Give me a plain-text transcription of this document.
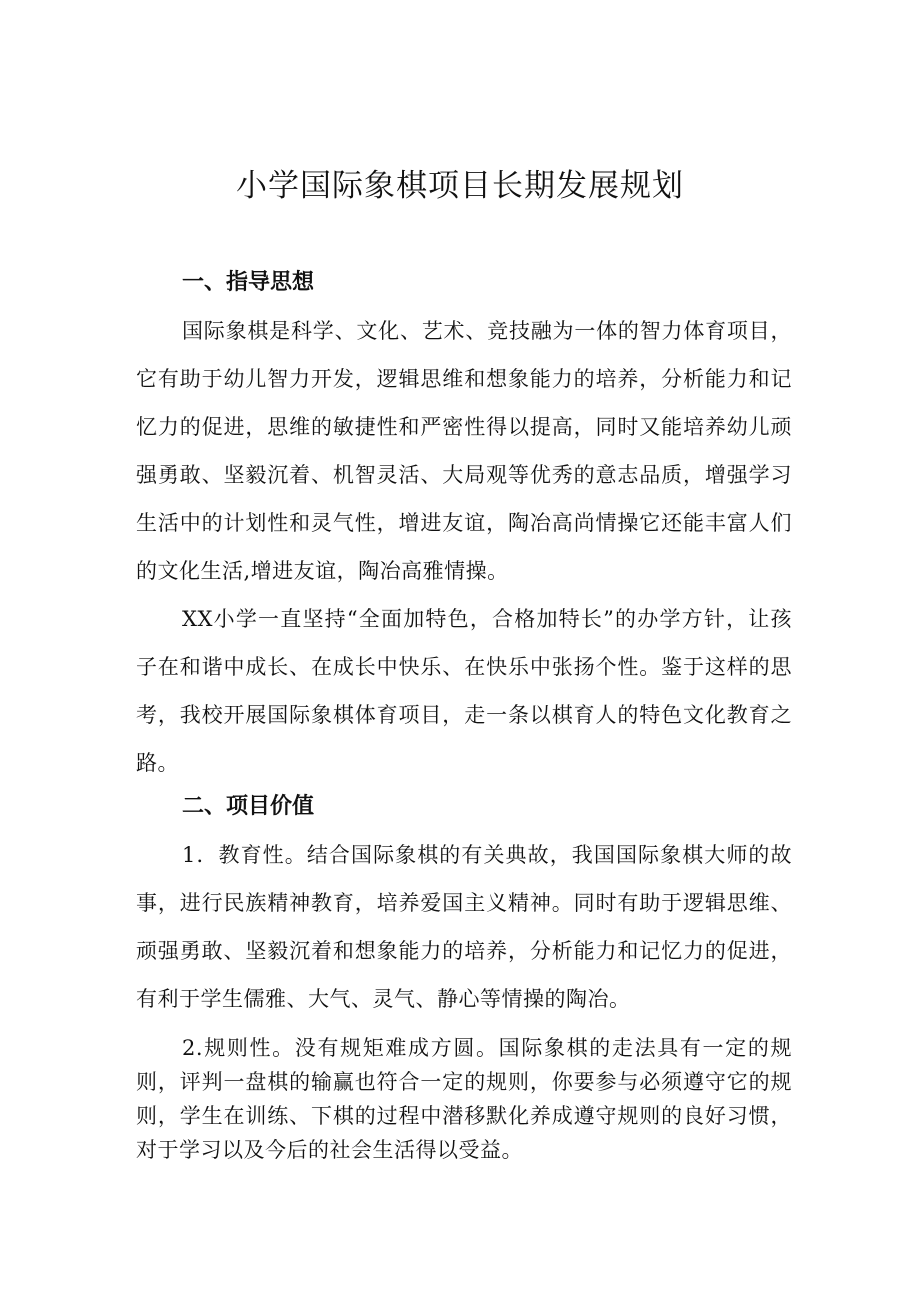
小学国际象棋项目长期发展规划
一、指导思想

国际象棋是科学、文化、艺术、竞技融为一体的智力体育项目，它有助于幼儿智力开发，逻辑思维和想象能力的培养，分析能力和记忆力的促进，思维的敏捷性和严密性得以提高，同时又能培养幼儿顽强勇敢、坚毅沉着、机智灵活、大局观等优秀的意志品质，增强学习生活中的计划性和灵气性，增进友谊，陶冶高尚情操它还能丰富人们的文化生活,增进友谊，陶冶高雅情操。

XX小学一直坚持“全面加特色，合格加特长”的办学方针，让孩子在和谐中成长、在成长中快乐、在快乐中张扬个性。鉴于这样的思考，我校开展国际象棋体育项目，走一条以棋育人的特色文化教育之路。

二、项目价值

1．教育性。结合国际象棋的有关典故，我国国际象棋大师的故事，进行民族精神教育，培养爱国主义精神。同时有助于逻辑思维、顽强勇敢、坚毅沉着和想象能力的培养，分析能力和记忆力的促进，有利于学生儒雅、大气、灵气、静心等情操的陶冶。

2.规则性。没有规矩难成方圆。国际象棋的走法具有一定的规则，评判一盘棋的输赢也符合一定的规则，你要参与必须遵守它的规则，学生在训练、下棋的过程中潜移默化养成遵守规则的良好习惯，对于学习以及今后的社会生活得以受益。
